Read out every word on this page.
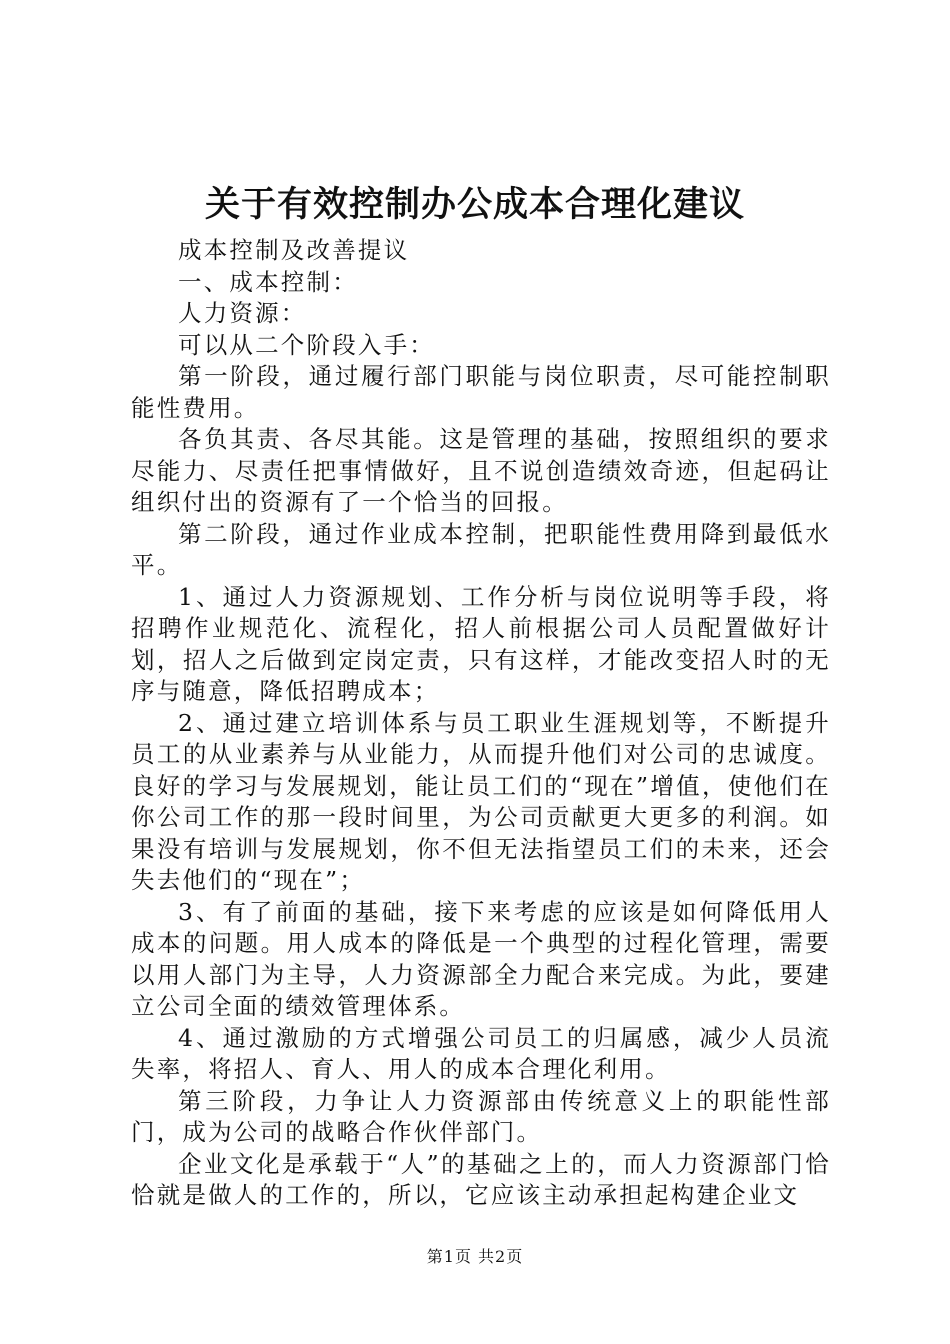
关于有效控制办公成本合理化建议

成本控制及改善提议

一、成本控制：

人力资源：

可以从二个阶段入手：

第一阶段，通过履行部门职能与岗位职责，尽可能控制职能性费用。

各负其责、各尽其能。这是管理的基础，按照组织的要求尽能力、尽责任把事情做好，且不说创造绩效奇迹，但起码让组织付出的资源有了一个恰当的回报。

第二阶段，通过作业成本控制，把职能性费用降到最低水平。

1、通过人力资源规划、工作分析与岗位说明等手段，将招聘作业规范化、流程化，招人前根据公司人员配置做好计划，招人之后做到定岗定责，只有这样，才能改变招人时的无序与随意，降低招聘成本；

2、通过建立培训体系与员工职业生涯规划等，不断提升员工的从业素养与从业能力，从而提升他们对公司的忠诚度。良好的学习与发展规划，能让员工们的“现在”增值，使他们在你公司工作的那一段时间里，为公司贡献更大更多的利润。如果没有培训与发展规划，你不但无法指望员工们的未来，还会失去他们的“现在”；

3、有了前面的基础，接下来考虑的应该是如何降低用人成本的问题。用人成本的降低是一个典型的过程化管理，需要以用人部门为主导，人力资源部全力配合来完成。为此，要建立公司全面的绩效管理体系。

4、通过激励的方式增强公司员工的归属感，减少人员流失率，将招人、育人、用人的成本合理化利用。

第三阶段，力争让人力资源部由传统意义上的职能性部门，成为公司的战略合作伙伴部门。

企业文化是承载于“人”的基础之上的，而人力资源部门恰恰就是做人的工作的，所以，它应该主动承担起构建企业文

第1页 共2页
